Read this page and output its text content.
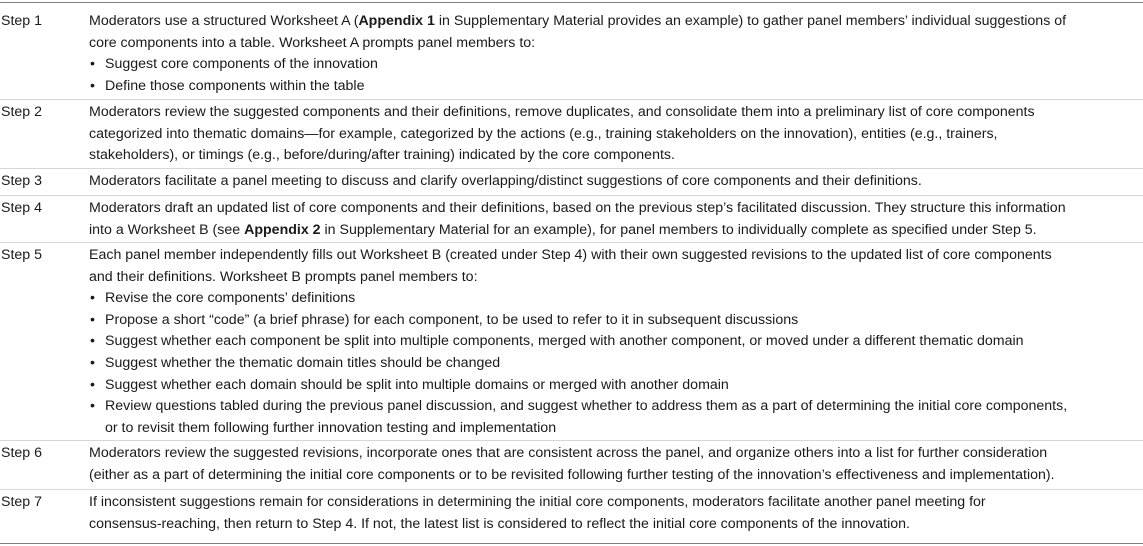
Step 1	Moderators use a structured Worksheet A (Appendix 1 in Supplementary Material provides an example) to gather panel members’ individual suggestions of
core components into a table. Worksheet A prompts panel members to:
• Suggest core components of the innovation
• Define those components within the table
Step 2	Moderators review the suggested components and their definitions, remove duplicates, and consolidate them into a preliminary list of core components
categorized into thematic domains—for example, categorized by the actions (e.g., training stakeholders on the innovation), entities (e.g., trainers,
stakeholders), or timings (e.g., before/during/after training) indicated by the core components.
Step 3	Moderators facilitate a panel meeting to discuss and clarify overlapping/distinct suggestions of core components and their definitions.
Step 4	Moderators draft an updated list of core components and their definitions, based on the previous step’s facilitated discussion. They structure this information
into a Worksheet B (see Appendix 2 in Supplementary Material for an example), for panel members to individually complete as specified under Step 5.
Step 5	Each panel member independently fills out Worksheet B (created under Step 4) with their own suggested revisions to the updated list of core components
and their definitions. Worksheet B prompts panel members to:
• Revise the core components’ definitions
• Propose a short “code” (a brief phrase) for each component, to be used to refer to it in subsequent discussions
• Suggest whether each component be split into multiple components, merged with another component, or moved under a different thematic domain
• Suggest whether the thematic domain titles should be changed
• Suggest whether each domain should be split into multiple domains or merged with another domain
• Review questions tabled during the previous panel discussion, and suggest whether to address them as a part of determining the initial core components,
or to revisit them following further innovation testing and implementation
Step 6	Moderators review the suggested revisions, incorporate ones that are consistent across the panel, and organize others into a list for further consideration
(either as a part of determining the initial core components or to be revisited following further testing of the innovation’s effectiveness and implementation).
Step 7	If inconsistent suggestions remain for considerations in determining the initial core components, moderators facilitate another panel meeting for
consensus-reaching, then return to Step 4. If not, the latest list is considered to reflect the initial core components of the innovation.
